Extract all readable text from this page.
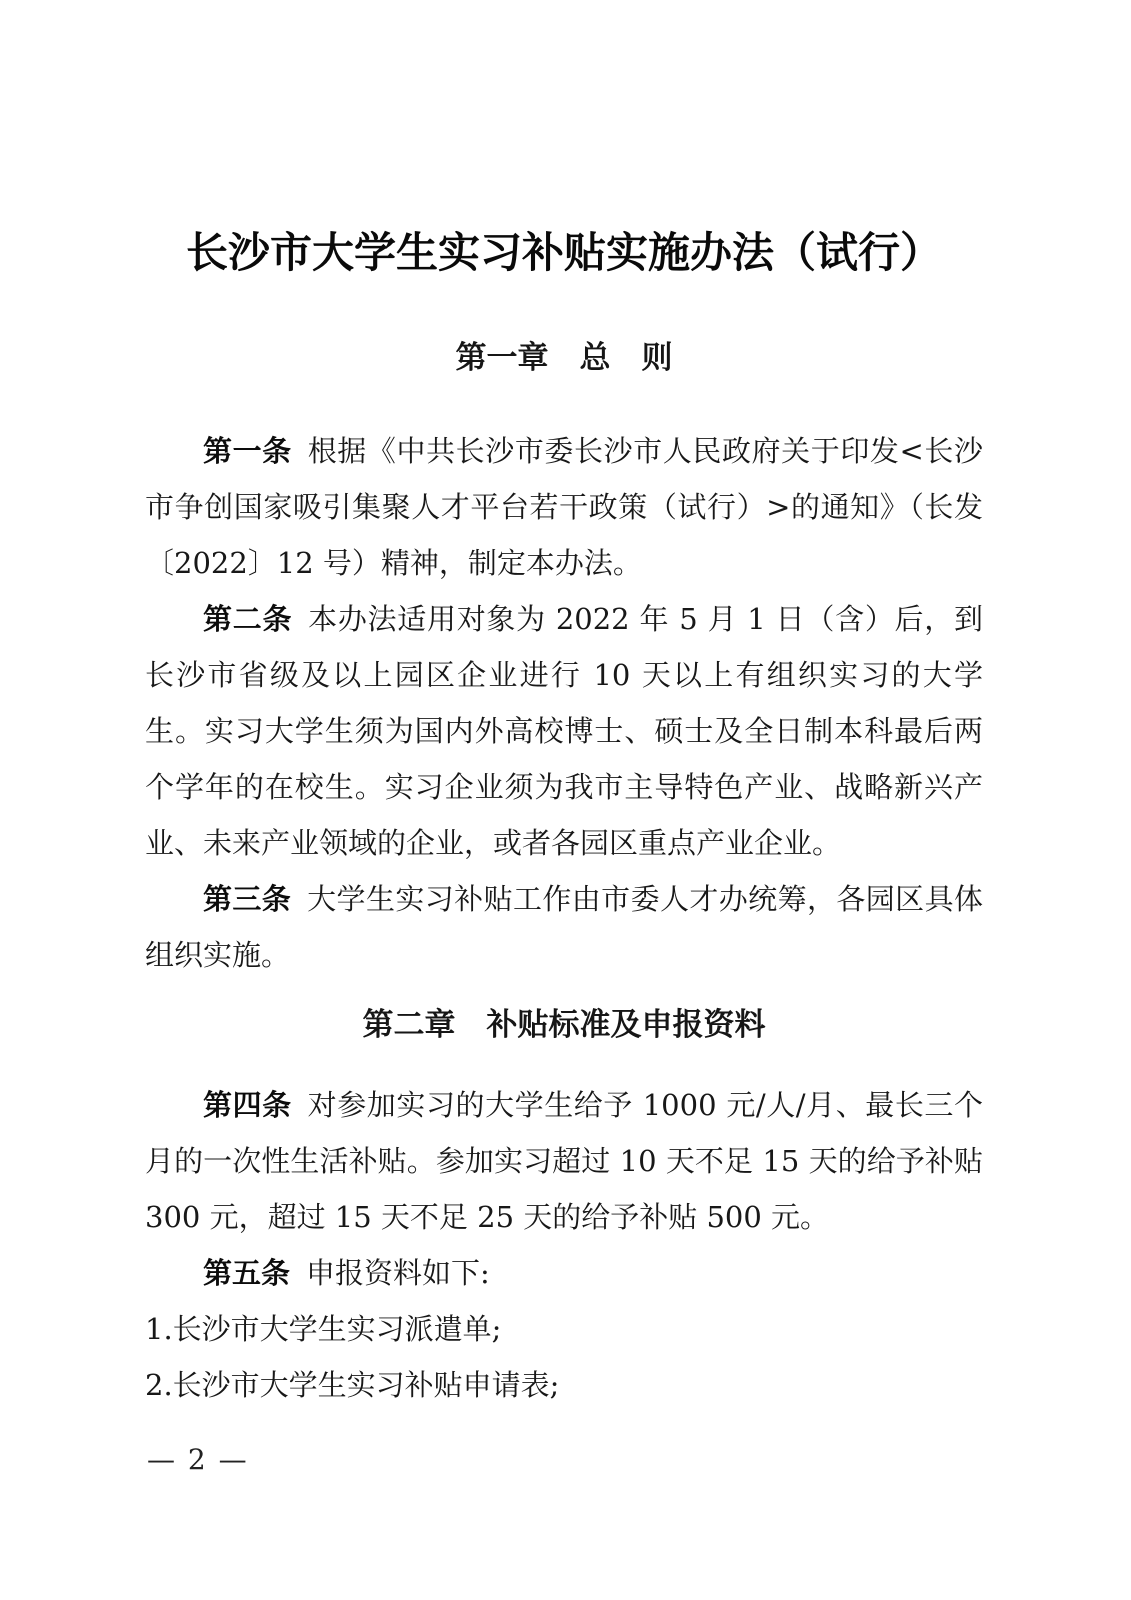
长沙市大学生实习补贴实施办法（试行）
第一章　总　则

第一条 根据《中共长沙市委长沙市人民政府关于印发<长沙市争创国家吸引集聚人才平台若干政策（试行）>的通知》（长发〔2022〕12 号）精神，制定本办法。

第二条 本办法适用对象为 2022 年 5 月 1 日（含）后，到长沙市省级及以上园区企业进行 10 天以上有组织实习的大学生。实习大学生须为国内外高校博士、硕士及全日制本科最后两个学年的在校生。实习企业须为我市主导特色产业、战略新兴产业、未来产业领域的企业，或者各园区重点产业企业。

第三条 大学生实习补贴工作由市委人才办统筹，各园区具体组织实施。

第二章　补贴标准及申报资料

第四条 对参加实习的大学生给予 1000 元/人/月、最长三个月的一次性生活补贴。参加实习超过 10 天不足 15 天的给予补贴 300 元，超过 15 天不足 25 天的给予补贴 500 元。

第五条 申报资料如下:

1.长沙市大学生实习派遣单;

2.长沙市大学生实习补贴申请表;

— 2 —
